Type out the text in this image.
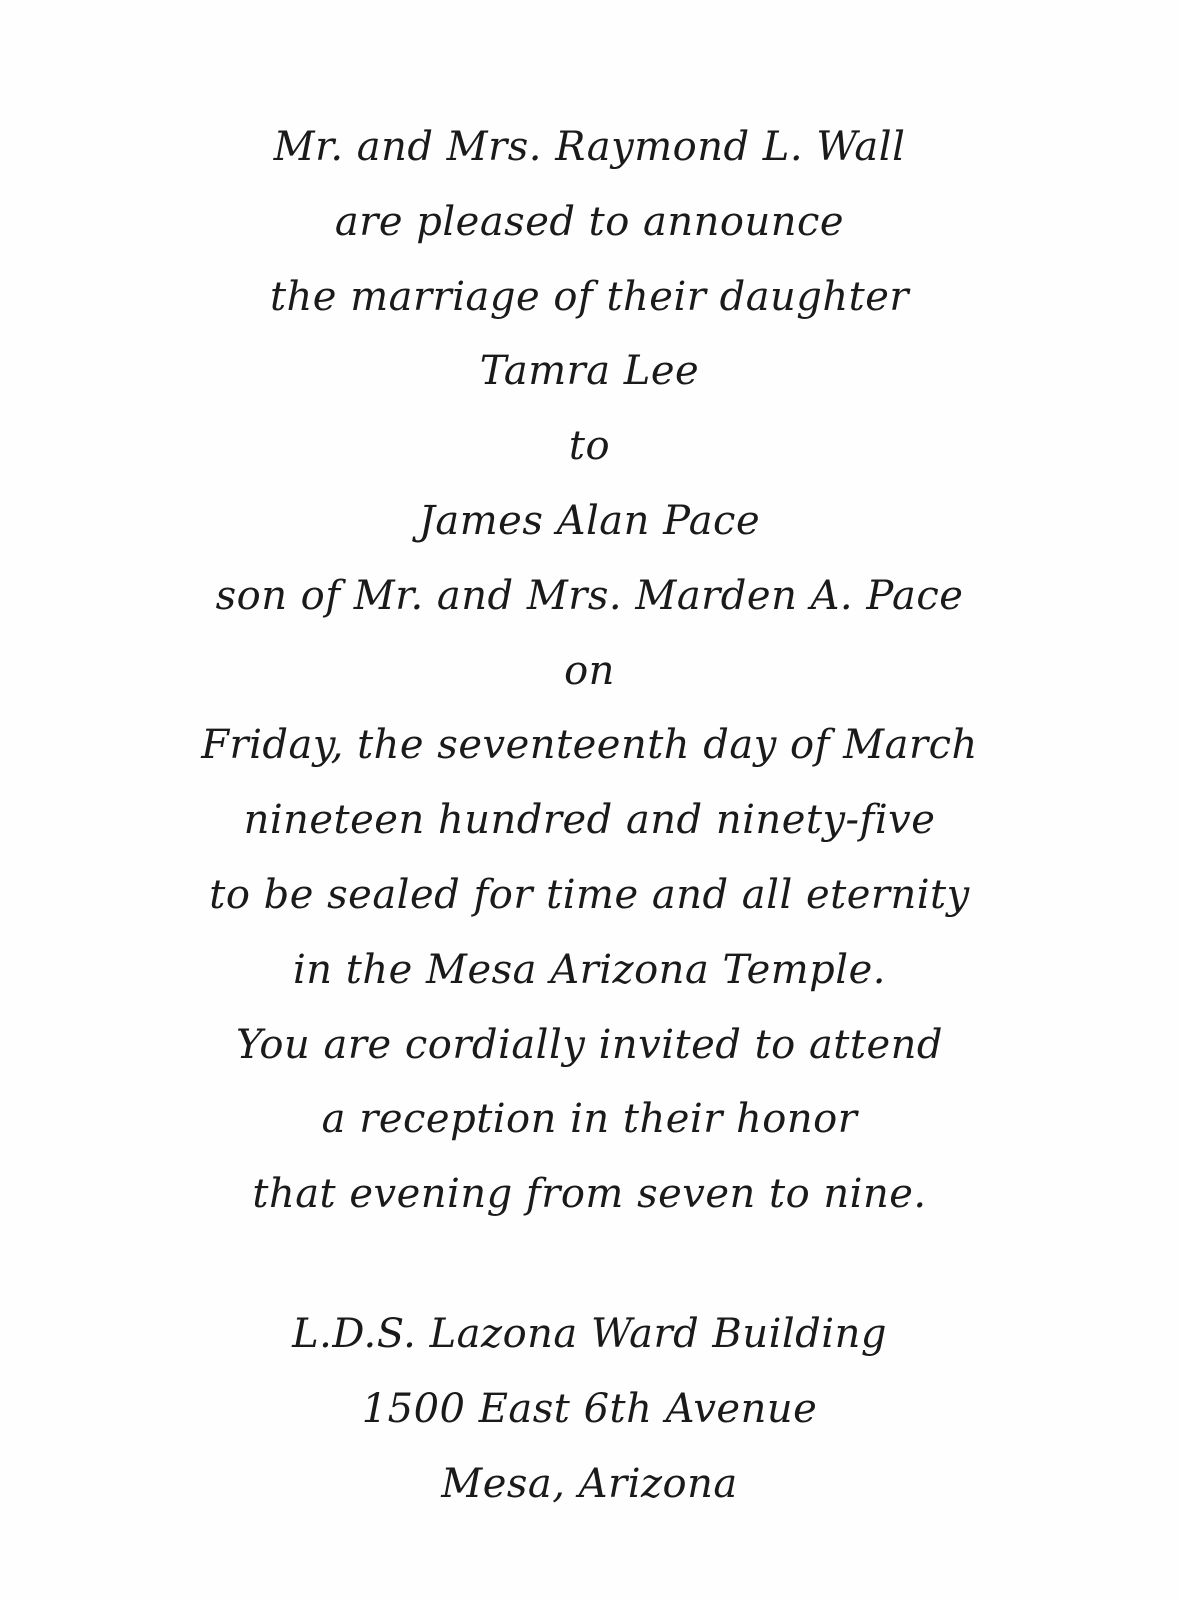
Mr. and Mrs. Raymond L. Wall
are pleased to announce
the marriage of their daughter
Tamra Lee
to
James Alan Pace
son of Mr. and Mrs. Marden A. Pace
on
Friday, the seventeenth day of March
nineteen hundred and ninety-five
to be sealed for time and all eternity
in the Mesa Arizona Temple.
You are cordially invited to attend
a reception in their honor
that evening from seven to nine.
L.D.S. Lazona Ward Building
1500 East 6th Avenue
Mesa, Arizona
